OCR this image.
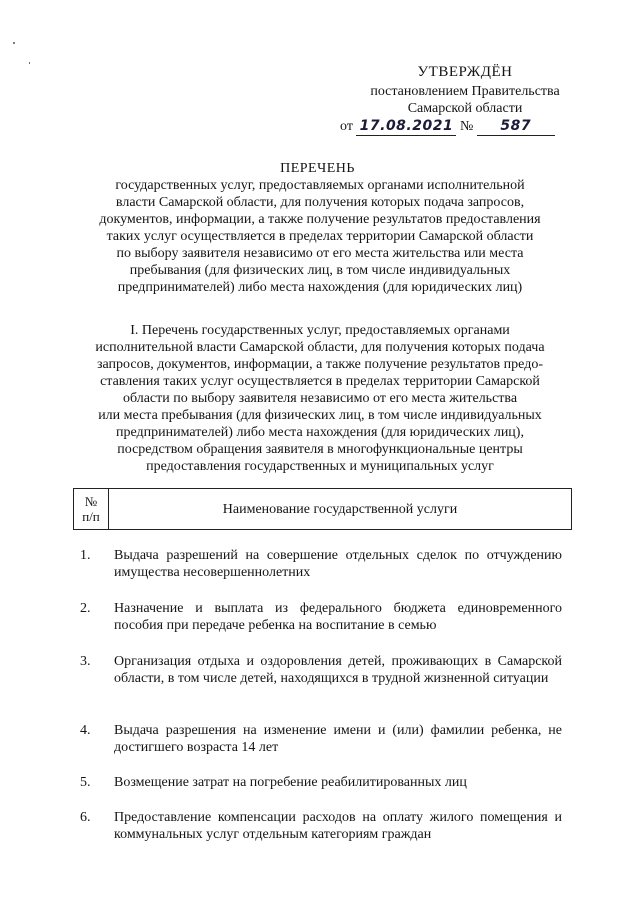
УТВЕРЖДЁН
постановлением Правительства
Самарской области
от 17.08.2021 № 587
ПЕРЕЧЕНЬ
государственных услуг, предоставляемых органами исполнительной
власти Самарской области, для получения которых подача запросов,
документов, информации, а также получение результатов предоставления
таких услуг осуществляется в пределах территории Самарской области
по выбору заявителя независимо от его места жительства или места
пребывания (для физических лиц, в том числе индивидуальных
предпринимателей) либо места нахождения (для юридических лиц)
I. Перечень государственных услуг, предоставляемых органами
исполнительной власти Самарской области, для получения которых подача
запросов, документов, информации, а также получение результатов предо-
ставления таких услуг осуществляется в пределах территории Самарской
области по выбору заявителя независимо от его места жительства
или места пребывания (для физических лиц, в том числе индивидуальных
предпринимателей) либо места нахождения (для юридических лиц),
посредством обращения заявителя в многофункциональные центры
предоставления государственных и муниципальных услуг
№
п/п	Наименование государственной услуги
1.	Выдача разрешений на совершение отдельных сделок по отчуждению имущества несовершеннолетних
2.	Назначение и выплата из федерального бюджета единовременного пособия при передаче ребенка на воспитание в семью
3.	Организация отдыха и оздоровления детей, проживающих в Самарской области, в том числе детей, находящихся в трудной жизненной ситуации
4.	Выдача разрешения на изменение имени и (или) фамилии ребенка, не достигшего возраста 14 лет
5.	Возмещение затрат на погребение реабилитированных лиц
6.	Предоставление компенсации расходов на оплату жилого помещения и коммунальных услуг отдельным категориям граждан
